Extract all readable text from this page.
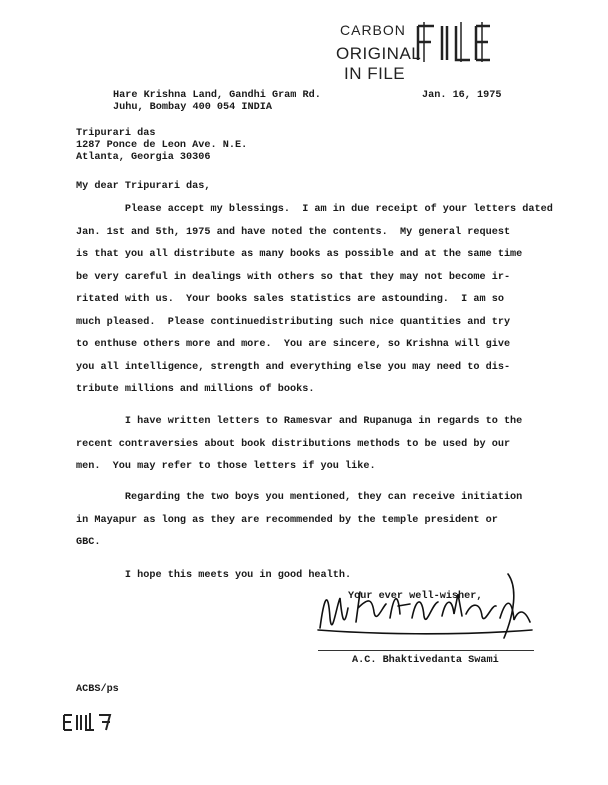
CARBON
ORIGINAL
IN FILE
Hare Krishna Land, Gandhi Gram Rd.
Juhu, Bombay 400 054 INDIA
Jan. 16, 1975
Tripurari das
1287 Ponce de Leon Ave. N.E.
Atlanta, Georgia 30306
My dear Tripurari das,
Please accept my blessings.  I am in due receipt of your letters dated
Jan. 1st and 5th, 1975 and have noted the contents.  My general request
is that you all distribute as many books as possible and at the same time
be very careful in dealings with others so that they may not become ir-
ritated with us.  Your books sales statistics are astounding.  I am so
much pleased.  Please continuedistributing such nice quantities and try
to enthuse others more and more.  You are sincere, so Krishna will give
you all intelligence, strength and everything else you may need to dis-
tribute millions and millions of books.
I have written letters to Ramesvar and Rupanuga in regards to the
recent contraversies about book distributions methods to be used by our
men.  You may refer to those letters if you like.
Regarding the two boys you mentioned, they can receive initiation
in Mayapur as long as they are recommended by the temple president or
GBC.
I hope this meets you in good health.
Your ever well-wisher,
A.C. Bhaktivedanta Swami
ACBS/ps
